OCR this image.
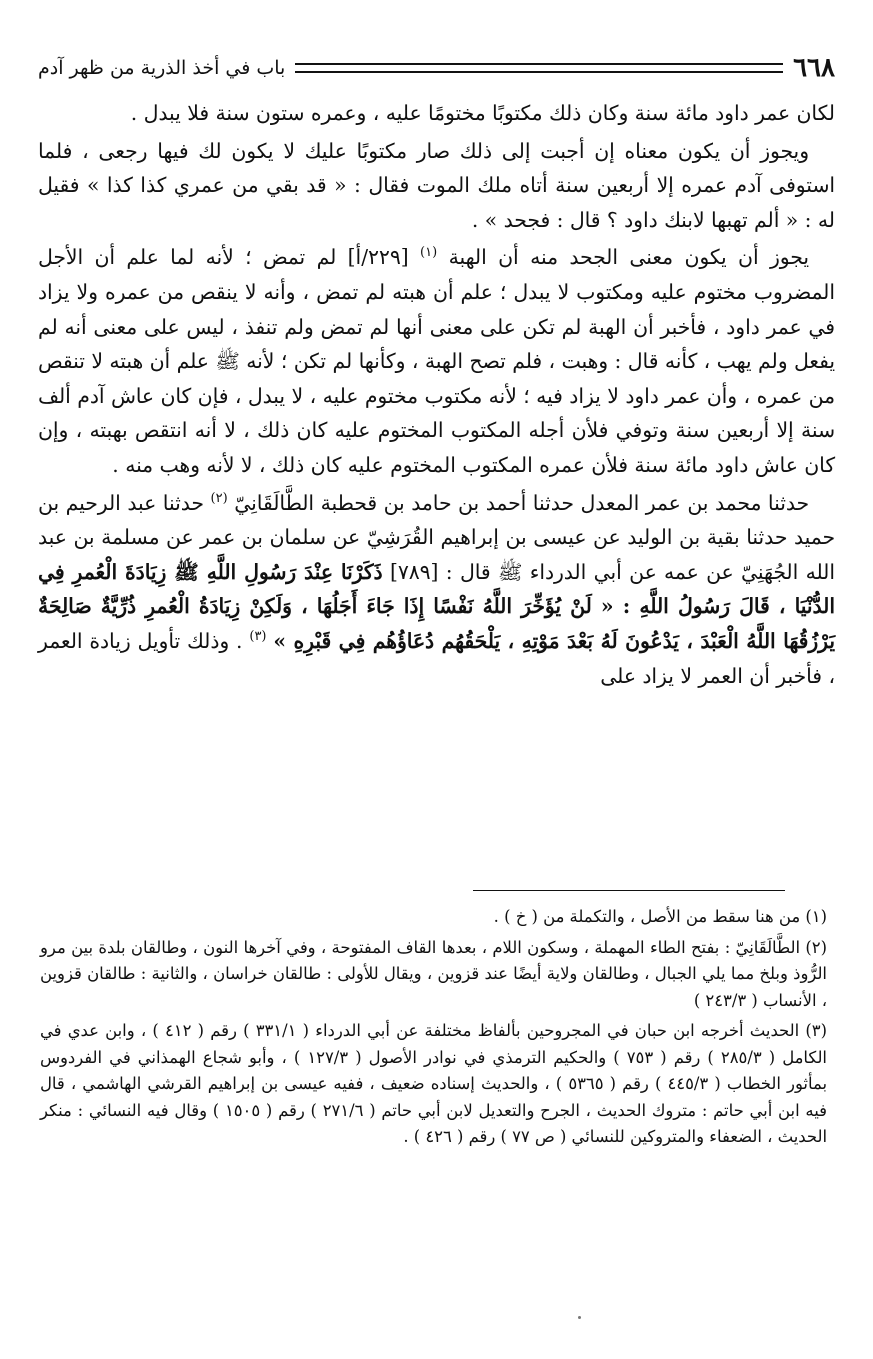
٦٦٨
باب في أخذ الذرية من ظهر آدم

لكان عمر داود مائة سنة وكان ذلك مكتوبًا مختومًا عليه ، وعمره ستون سنة فلا يبدل .

ويجوز أن يكون معناه إن أجبت إلى ذلك صار مكتوبًا عليك لا يكون لك فيها رجعى ، فلما استوفى آدم عمره إلا أربعين سنة أتاه ملك الموت فقال : « قد بقي من عمري كذا كذا » فقيل له : « ألم تهبها لابنك داود ؟ قال : فجحد » .

يجوز أن يكون معنى الجحد منه أن الهبة $^{(١)}$ [٢٢٩/أ] لم تمض ؛ لأنه لما علم أن الأجل المضروب مختوم عليه ومكتوب لا يبدل ؛ علم أن هبته لم تمض ، وأنه لا ينقص من عمره ولا يزاد في عمر داود ، فأخبر أن الهبة لم تكن على معنى أنها لم تمض ولم تنفذ ، ليس على معنى أنه لم يفعل ولم يهب ، كأنه قال : وهبت ، فلم تصح الهبة ، وكأنها لم تكن ؛ لأنه ﷺ علم أن هبته لا تنقص من عمره ، وأن عمر داود لا يزاد فيه ؛ لأنه مكتوب مختوم عليه ، لا يبدل ، فإن كان عاش آدم ألف سنة إلا أربعين سنة وتوفي فلأن أجله المكتوب المختوم عليه كان ذلك ، لا أنه انتقص بهبته ، وإن كان عاش داود مائة سنة فلأن عمره المكتوب المختوم عليه كان ذلك ، لا لأنه وهب منه .

حدثنا محمد بن عمر المعدل حدثنا أحمد بن حامد بن قحطبة الطَّالَقَانِيّ $^{(٢)}$ حدثنا عبد الرحيم بن حميد حدثنا بقية بن الوليد عن عيسى بن إبراهيم القُرَشِيّ عن سلمان بن عمر عن مسلمة بن عبد الله الجُهَنِيّ عن عمه عن أبي الدرداء ﷺ قال : [٧٨٩] ذَكَرْنَا عِنْدَ رَسُولِ اللَّهِ ﷺ زِيَادَةَ الْعُمرِ فِي الدُّنْيَا ، قَالَ رَسُولُ اللَّهِ : « لَنْ يُؤَخِّرَ اللَّهُ نَفْسًا إِذَا جَاءَ أَجَلُهَا ، وَلَكِنْ زِيَادَةُ الْعُمرِ ذُرِّيَّةٌ صَالِحَةٌ يَرْزُقُهَا اللَّهُ الْعَبْدَ ، يَدْعُونَ لَهُ بَعْدَ مَوْتِهِ ، يَلْحَقُهُم دُعَاؤُهُم فِي قَبْرِهِ » $^{(٣)}$ . وذلك تأويل زيادة العمر ، فأخبر أن العمر لا يزاد على

(١) من هنا سقط من الأصل ، والتكملة من ( خ ) .

(٢) الطَّالَقَانِيّ : بفتح الطاء المهملة ، وسكون اللام ، بعدها القاف المفتوحة ، وفي آخرها النون ، وطالقان بلدة بين مرو الرُّوذ وبلخ مما يلي الجبال ، وطالقان ولاية أيضًا عند قزوين ، ويقال للأولى : طالقان خراسان ، والثانية : طالقان قزوين ، الأنساب ( ٢٤٣/٣ )

(٣) الحديث أخرجه ابن حبان في المجروحين بألفاظ مختلفة عن أبي الدرداء ( ٣٣١/١ ) رقم ( ٤١٢ ) ، وابن عدي في الكامل ( ٢٨٥/٣ ) رقم ( ٧٥٣ ) والحكيم الترمذي في نوادر الأصول ( ١٢٧/٣ ) ، وأبو شجاع الهمذاني في الفردوس بمأثور الخطاب ( ٤٤٥/٣ ) رقم ( ٥٣٦٥ ) ، والحديث إسناده ضعيف ، ففيه عيسى بن إبراهيم القرشي الهاشمي ، قال فيه ابن أبي حاتم : متروك الحديث ، الجرح والتعديل لابن أبي حاتم ( ٢٧١/٦ ) رقم ( ١٥٠٥ ) وقال فيه النسائي : منكر الحديث ، الضعفاء والمتروكين للنسائي ( ص ٧٧ ) رقم ( ٤٢٦ ) .
